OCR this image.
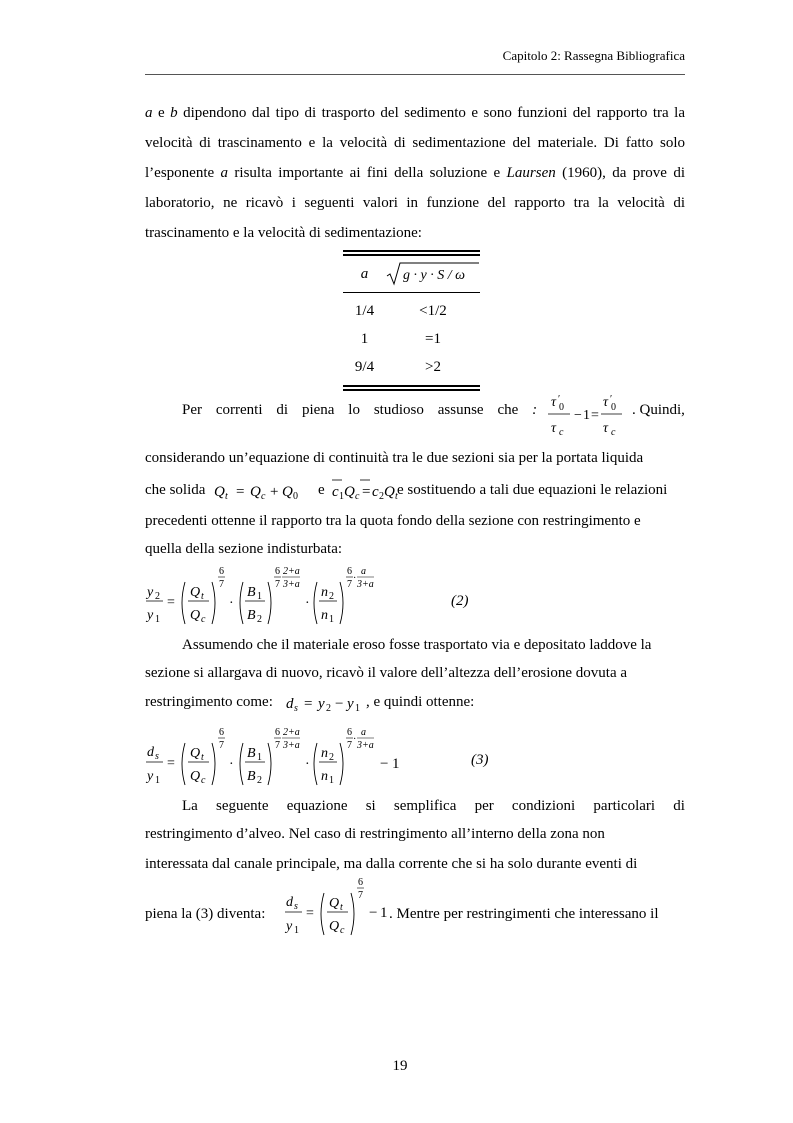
Capitolo 2: Rassegna Bibliografica

a e b dipendono dal tipo di trasporto del sedimento e sono funzioni del rapporto tra la velocità di trascinamento e la velocità di sedimentazione del materiale. Di fatto solo l’esponente a risulta importante ai fini della soluzione e Laursen (1960), da prove di laboratorio, ne ricavò i seguenti valori in funzione del rapporto tra la velocità di trascinamento e la velocità di sedimentazione:

a	g · y · S / ω
1/4	<1/2
1	=1
9/4	>2
Per correnti di piena lo studioso assunse che :	. Quindi,
τ ′
0
τ c
− 1 =
τ ′
0
τ c
considerando un’equazione di continuità tra le due sezioni sia per la portata liquida
che solida Q t = Q c + Q 0 e c 1 Q c = c 2 Q t e sostituendo a tali due equazioni le relazioni
precedenti ottenne il rapporto tra la quota fondo della sezione con restringimento e
quella della sezione indisturbata:
y 2
y 1
=
Q t
Q c
6
7
·
B 1
B 2
6
7
2+a
3+a
·
n 2
n 1
6
7
·
a
3+a
(2)
Assumendo che il materiale eroso fosse trasportato via e depositato laddove la
sezione si allargava di nuovo, ricavò il valore dell’altezza dell’erosione dovuta a
restringimento come: d s = y 2 − y 1 , e quindi ottenne:
d s
y 1
=
Q t
Q c
6
7
·
B 1
B 2
6
7
2+a
3+a
·
n 2
n 1
6
7
·
a
3+a
− 1	(3)
La seguente equazione si semplifica per condizioni particolari di
restringimento d’alveo. Nel caso di restringimento all’interno della zona non
interessata dal canale principale, ma dalla corrente che si ha solo durante eventi di
piena la (3) diventa:
d s
y 1
=
Q t
Q c
6
7
− 1 . Mentre per restringimenti che interessano il
19
